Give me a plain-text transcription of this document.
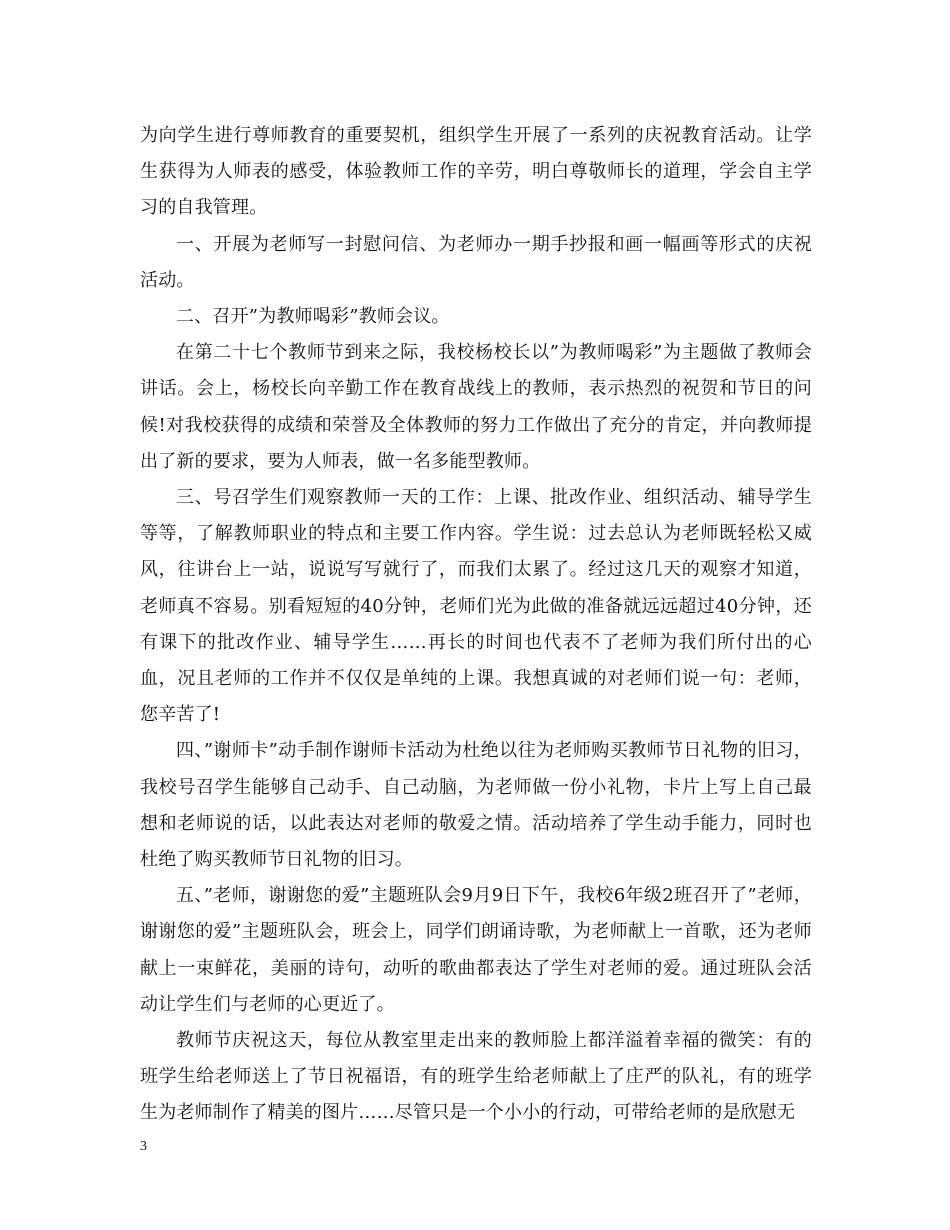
为向学生进行尊师教育的重要契机，组织学生开展了一系列的庆祝教育活动。让学生获得为人师表的感受，体验教师工作的辛劳，明白尊敬师长的道理，学会自主学习的自我管理。

一、开展为老师写一封慰问信、为老师办一期手抄报和画一幅画等形式的庆祝活动。

二、召开”为教师喝彩”教师会议。

在第二十七个教师节到来之际，我校杨校长以”为教师喝彩”为主题做了教师会讲话。会上，杨校长向辛勤工作在教育战线上的教师，表示热烈的祝贺和节日的问候!对我校获得的成绩和荣誉及全体教师的努力工作做出了充分的肯定，并向教师提出了新的要求，要为人师表，做一名多能型教师。

三、号召学生们观察教师一天的工作：上课、批改作业、组织活动、辅导学生等等，了解教师职业的特点和主要工作内容。学生说：过去总认为老师既轻松又威风，往讲台上一站，说说写写就行了，而我们太累了。经过这几天的观察才知道，老师真不容易。别看短短的40分钟，老师们光为此做的准备就远远超过40分钟，还有课下的批改作业、辅导学生……再长的时间也代表不了老师为我们所付出的心血，况且老师的工作并不仅仅是单纯的上课。我想真诚的对老师们说一句：老师，您辛苦了!

四、”谢师卡”动手制作谢师卡活动为杜绝以往为老师购买教师节日礼物的旧习，我校号召学生能够自己动手、自己动脑，为老师做一份小礼物，卡片上写上自己最想和老师说的话，以此表达对老师的敬爱之情。活动培养了学生动手能力，同时也杜绝了购买教师节日礼物的旧习。

五、”老师，谢谢您的爱”主题班队会9月9日下午，我校6年级2班召开了”老师，谢谢您的爱”主题班队会，班会上，同学们朗诵诗歌，为老师献上一首歌，还为老师献上一束鲜花，美丽的诗句，动听的歌曲都表达了学生对老师的爱。通过班队会活动让学生们与老师的心更近了。

教师节庆祝这天，每位从教室里走出来的教师脸上都洋溢着幸福的微笑：有的班学生给老师送上了节日祝福语，有的班学生给老师献上了庄严的队礼，有的班学生为老师制作了精美的图片……尽管只是一个小小的行动，可带给老师的是欣慰无

3
